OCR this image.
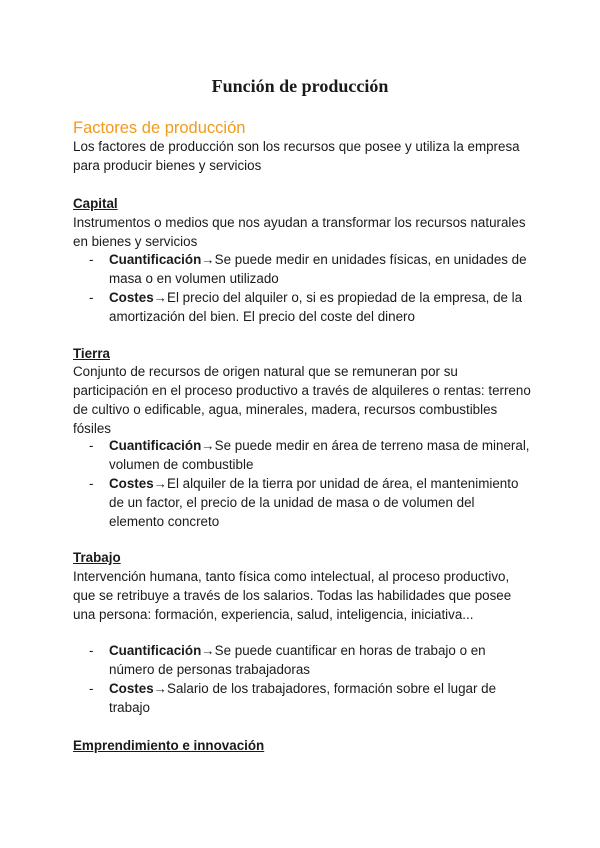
Función de producción
Factores de producción

Los factores de producción son los recursos que posee y utiliza la empresa para producir bienes y servicios

Capital

Instrumentos o medios que nos ayudan a transformar los recursos naturales en bienes y servicios

- Cuantificación→Se puede medir en unidades físicas, en unidades de masa o en volumen utilizado
- Costes→El precio del alquiler o, si es propiedad de la empresa, de la amortización del bien. El precio del coste del dinero
Tierra

Conjunto de recursos de origen natural que se remuneran por su participación en el proceso productivo a través de alquileres o rentas: terreno de cultivo o edificable, agua, minerales, madera, recursos combustibles fósiles

- Cuantificación→Se puede medir en área de terreno masa de mineral, volumen de combustible
- Costes→El alquiler de la tierra por unidad de área, el mantenimiento de un factor, el precio de la unidad de masa o de volumen del elemento concreto
Trabajo

Intervención humana, tanto física como intelectual, al proceso productivo, que se retribuye a través de los salarios. Todas las habilidades que posee una persona: formación, experiencia, salud, inteligencia, iniciativa...

- Cuantificación→Se puede cuantificar en horas de trabajo o en número de personas trabajadoras
- Costes→Salario de los trabajadores, formación sobre el lugar de trabajo
Emprendimiento e innovación
